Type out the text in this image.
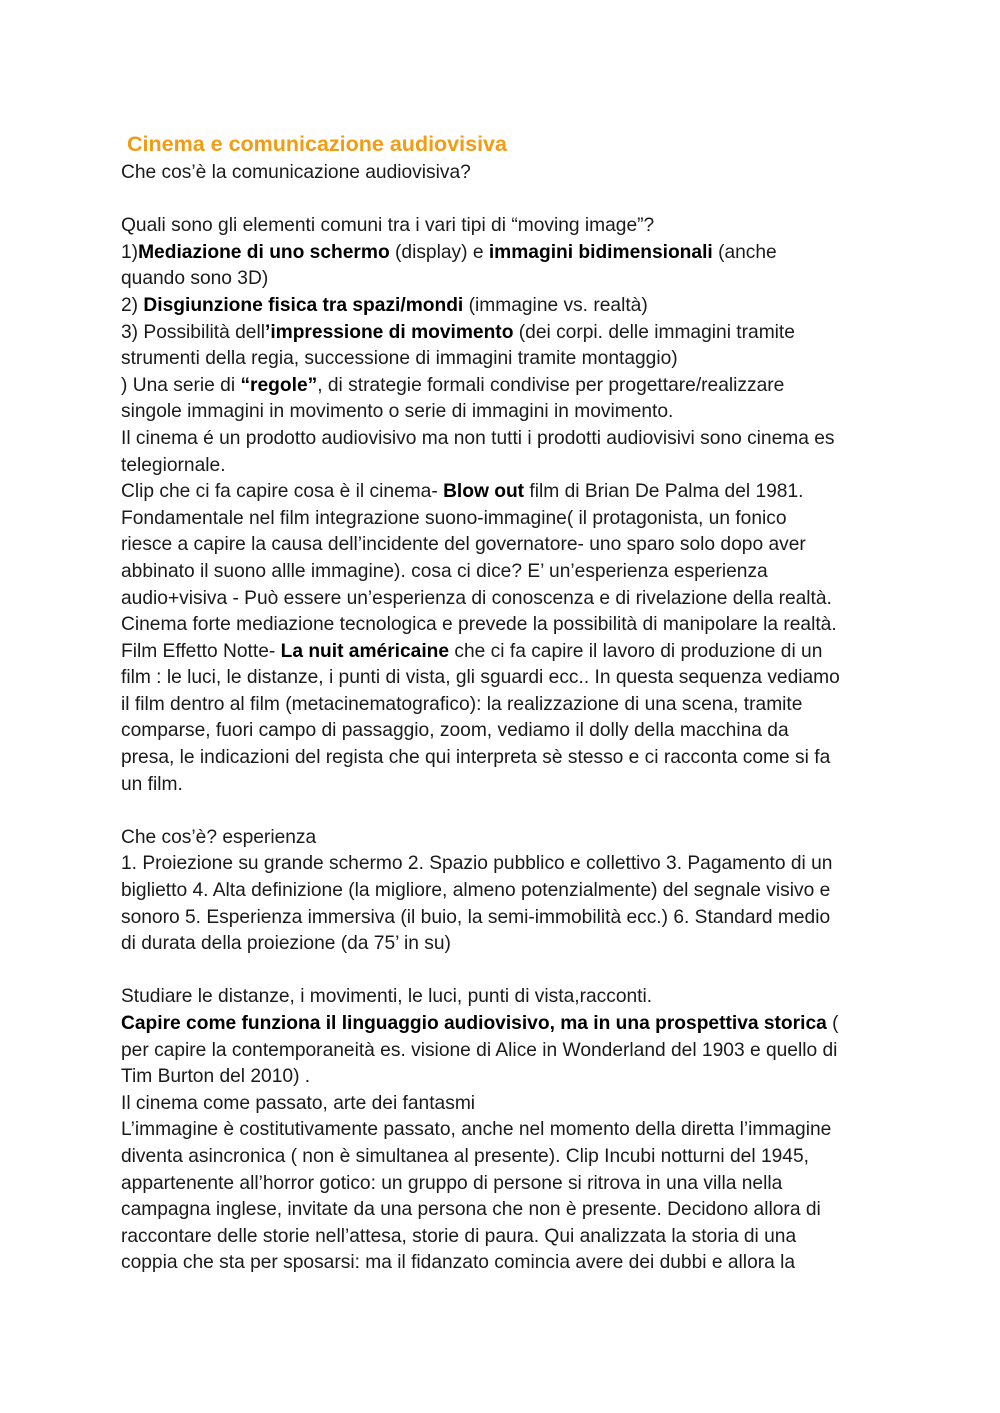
Cinema e comunicazione audiovisiva
Che cos’è la comunicazione audiovisiva?
Quali sono gli elementi comuni tra i vari tipi di “moving image”?
1)Mediazione di uno schermo (display) e immagini bidimensionali (anche
quando sono 3D)
2) Disgiunzione fisica tra spazi/mondi (immagine vs. realtà)
3) Possibilità dell’impressione di movimento (dei corpi. delle immagini tramite
strumenti della regia, successione di immagini tramite montaggio)
) Una serie di “regole”, di strategie formali condivise per progettare/realizzare
singole immagini in movimento o serie di immagini in movimento.
Il cinema é un prodotto audiovisivo ma non tutti i prodotti audiovisivi sono cinema es
telegiornale.
Clip che ci fa capire cosa è il cinema- Blow out film di Brian De Palma del 1981.
Fondamentale nel film integrazione suono-immagine( il protagonista, un fonico
riesce a capire la causa dell’incidente del governatore- uno sparo solo dopo aver
abbinato il suono allle immagine). cosa ci dice? E’ un’esperienza esperienza
audio+visiva - Può essere un’esperienza di conoscenza e di rivelazione della realtà.
Cinema forte mediazione tecnologica e prevede la possibilità di manipolare la realtà.
Film Effetto Notte- La nuit américaine che ci fa capire il lavoro di produzione di un
film : le luci, le distanze, i punti di vista, gli sguardi ecc.. In questa sequenza vediamo
il film dentro al film (metacinematografico): la realizzazione di una scena, tramite
comparse, fuori campo di passaggio, zoom, vediamo il dolly della macchina da
presa, le indicazioni del regista che qui interpreta sè stesso e ci racconta come si fa
un film.
Che cos’è? esperienza
1. Proiezione su grande schermo 2. Spazio pubblico e collettivo 3. Pagamento di un
biglietto 4. Alta definizione (la migliore, almeno potenzialmente) del segnale visivo e
sonoro 5. Esperienza immersiva (il buio, la semi-immobilità ecc.) 6. Standard medio
di durata della proiezione (da 75’ in su)
Studiare le distanze, i movimenti, le luci, punti di vista,racconti.
Capire come funziona il linguaggio audiovisivo, ma in una prospettiva storica (
per capire la contemporaneità es. visione di Alice in Wonderland del 1903 e quello di
Tim Burton del 2010) .
Il cinema come passato, arte dei fantasmi
L’immagine è costitutivamente passato, anche nel momento della diretta l’immagine
diventa asincronica ( non è simultanea al presente). Clip Incubi notturni del 1945,
appartenente all’horror gotico: un gruppo di persone si ritrova in una villa nella
campagna inglese, invitate da una persona che non è presente. Decidono allora di
raccontare delle storie nell’attesa, storie di paura. Qui analizzata la storia di una
coppia che sta per sposarsi: ma il fidanzato comincia avere dei dubbi e allora la
